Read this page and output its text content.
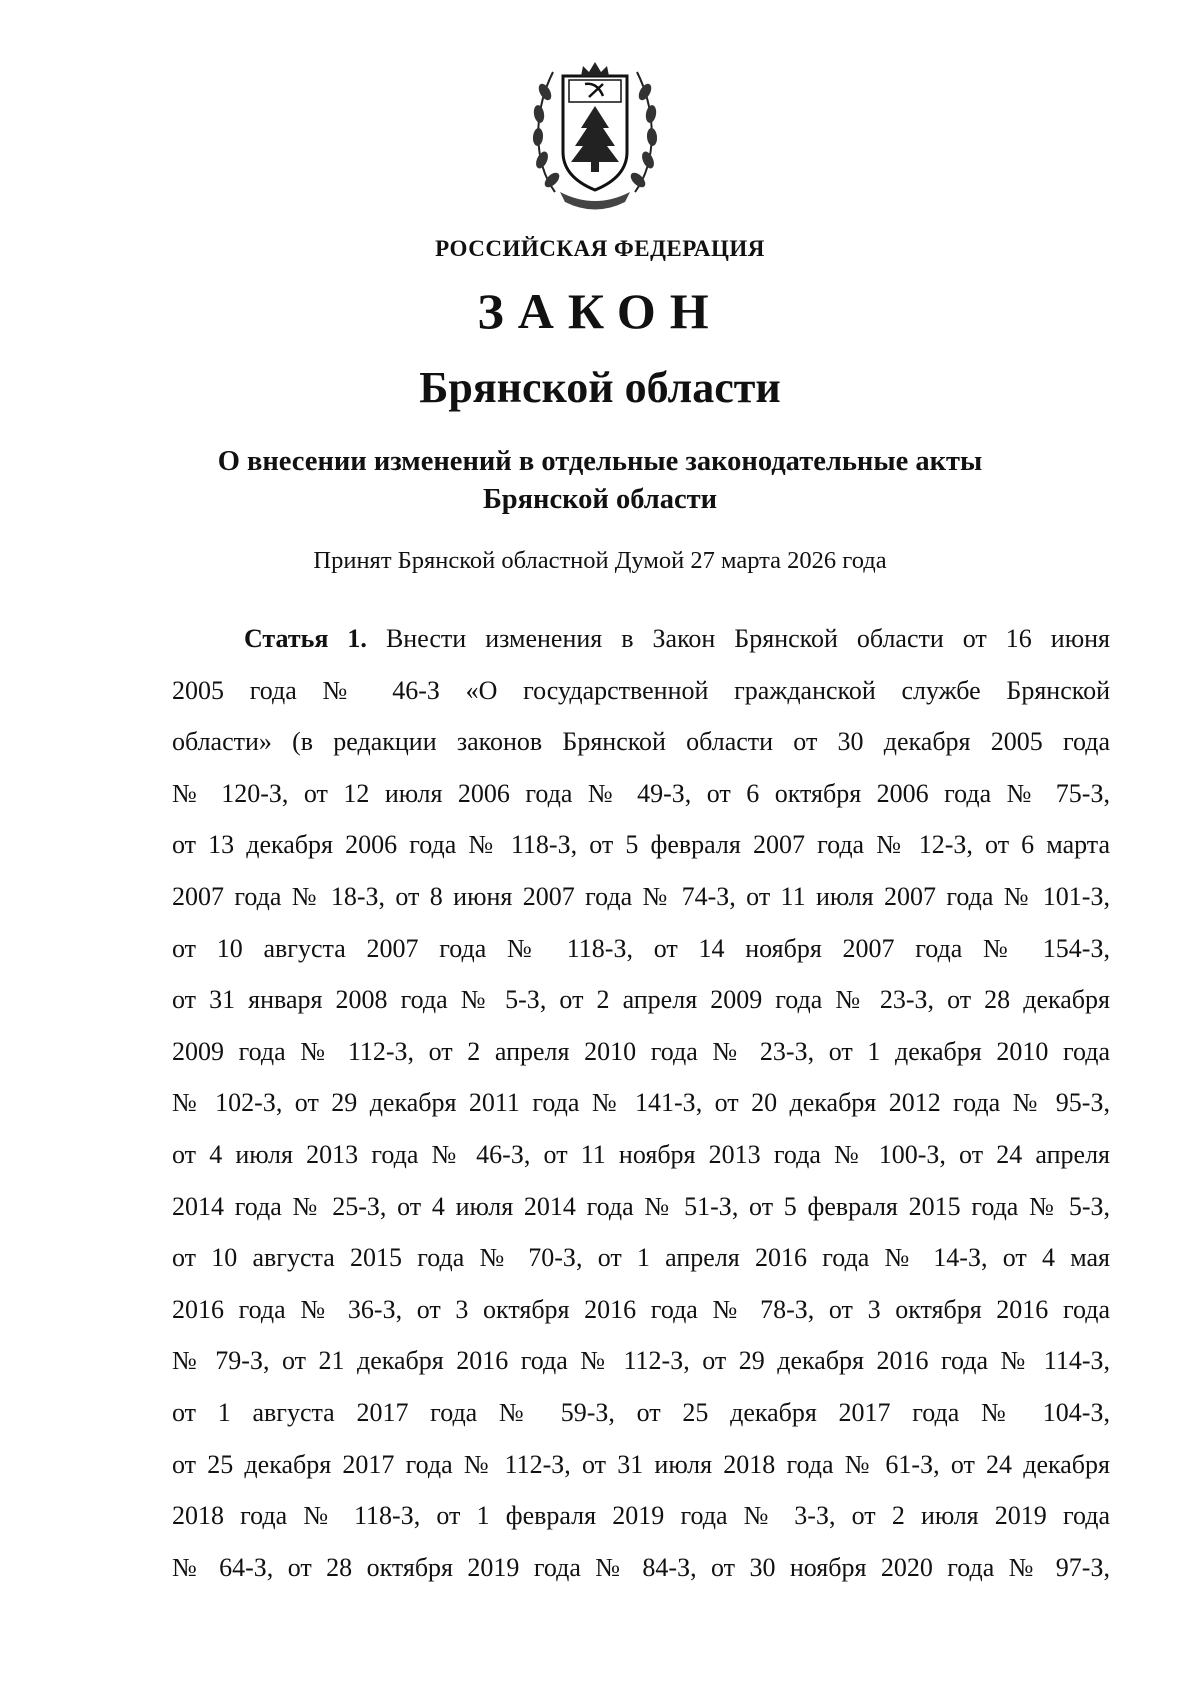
РОССИЙСКАЯ ФЕДЕРАЦИЯ
ЗАКОН
Брянской области
О внесении изменений в отдельные законодательные акты
Брянской области
Принят Брянской областной Думой 27 марта 2026 года
Статья 1. Внести изменения в Закон Брянской области от 16 июня
2005 года № 46-З «О государственной гражданской службе Брянской
области» (в редакции законов Брянской области от 30 декабря 2005 года
№ 120-З, от 12 июля 2006 года № 49-З, от 6 октября 2006 года № 75-З,
от 13 декабря 2006 года № 118-З, от 5 февраля 2007 года № 12-З, от 6 марта
2007 года № 18-З, от 8 июня 2007 года № 74-З, от 11 июля 2007 года № 101-З,
от 10 августа 2007 года № 118-З, от 14 ноября 2007 года № 154-З,
от 31 января 2008 года № 5-З, от 2 апреля 2009 года № 23-З, от 28 декабря
2009 года № 112-З, от 2 апреля 2010 года № 23-З, от 1 декабря 2010 года
№ 102-З, от 29 декабря 2011 года № 141-З, от 20 декабря 2012 года № 95-З,
от 4 июля 2013 года № 46-З, от 11 ноября 2013 года № 100-З, от 24 апреля
2014 года № 25-З, от 4 июля 2014 года № 51-З, от 5 февраля 2015 года № 5-З,
от 10 августа 2015 года № 70-З, от 1 апреля 2016 года № 14-З, от 4 мая
2016 года № 36-З, от 3 октября 2016 года № 78-З, от 3 октября 2016 года
№ 79-З, от 21 декабря 2016 года № 112-З, от 29 декабря 2016 года № 114-З,
от 1 августа 2017 года № 59-З, от 25 декабря 2017 года № 104-З,
от 25 декабря 2017 года № 112-З, от 31 июля 2018 года № 61-З, от 24 декабря
2018 года № 118-З, от 1 февраля 2019 года № 3-З, от 2 июля 2019 года
№ 64-З, от 28 октября 2019 года № 84-З, от 30 ноября 2020 года № 97-З,
